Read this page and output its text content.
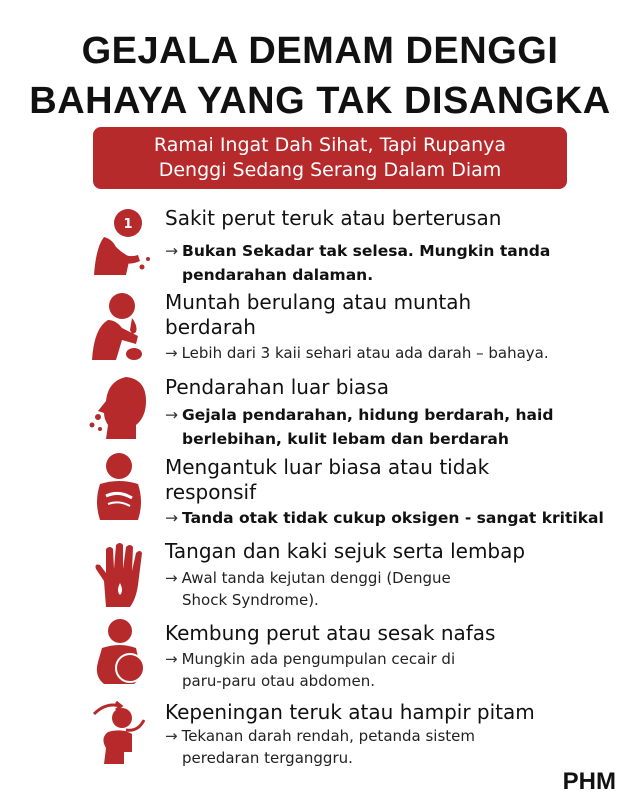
GEJALA DEMAM DENGGI
BAHAYA YANG TAK DISANGKA
Ramai Ingat Dah Sihat, Tapi Rupanya
Denggi Sedang Serang Dalam Diam
1 Sakit perut teruk atau berterusan
→ Bukan Sekadar tak selesa. Mungkin tanda
pendarahan dalaman.
Muntah berulang atau muntah
berdarah
→ Lebih dari 3 kaii sehari atau ada darah – bahaya.
Pendarahan luar biasa
→ Gejala pendarahan, hidung berdarah, haid
berlebihan, kulit lebam dan berdarah
Mengantuk luar biasa atau tidak
responsif
→ Tanda otak tidak cukup oksigen - sangat kritikal
Tangan dan kaki sejuk serta lembap
→ Awal tanda kejutan denggi (Dengue
Shock Syndrome).
Kembung perut atau sesak nafas
→ Mungkin ada pengumpulan cecair di
paru-paru otau abdomen.
Kepeningan teruk atau hampir pitam
→ Tekanan darah rendah, petanda sistem
peredaran terganggru.
PHM
